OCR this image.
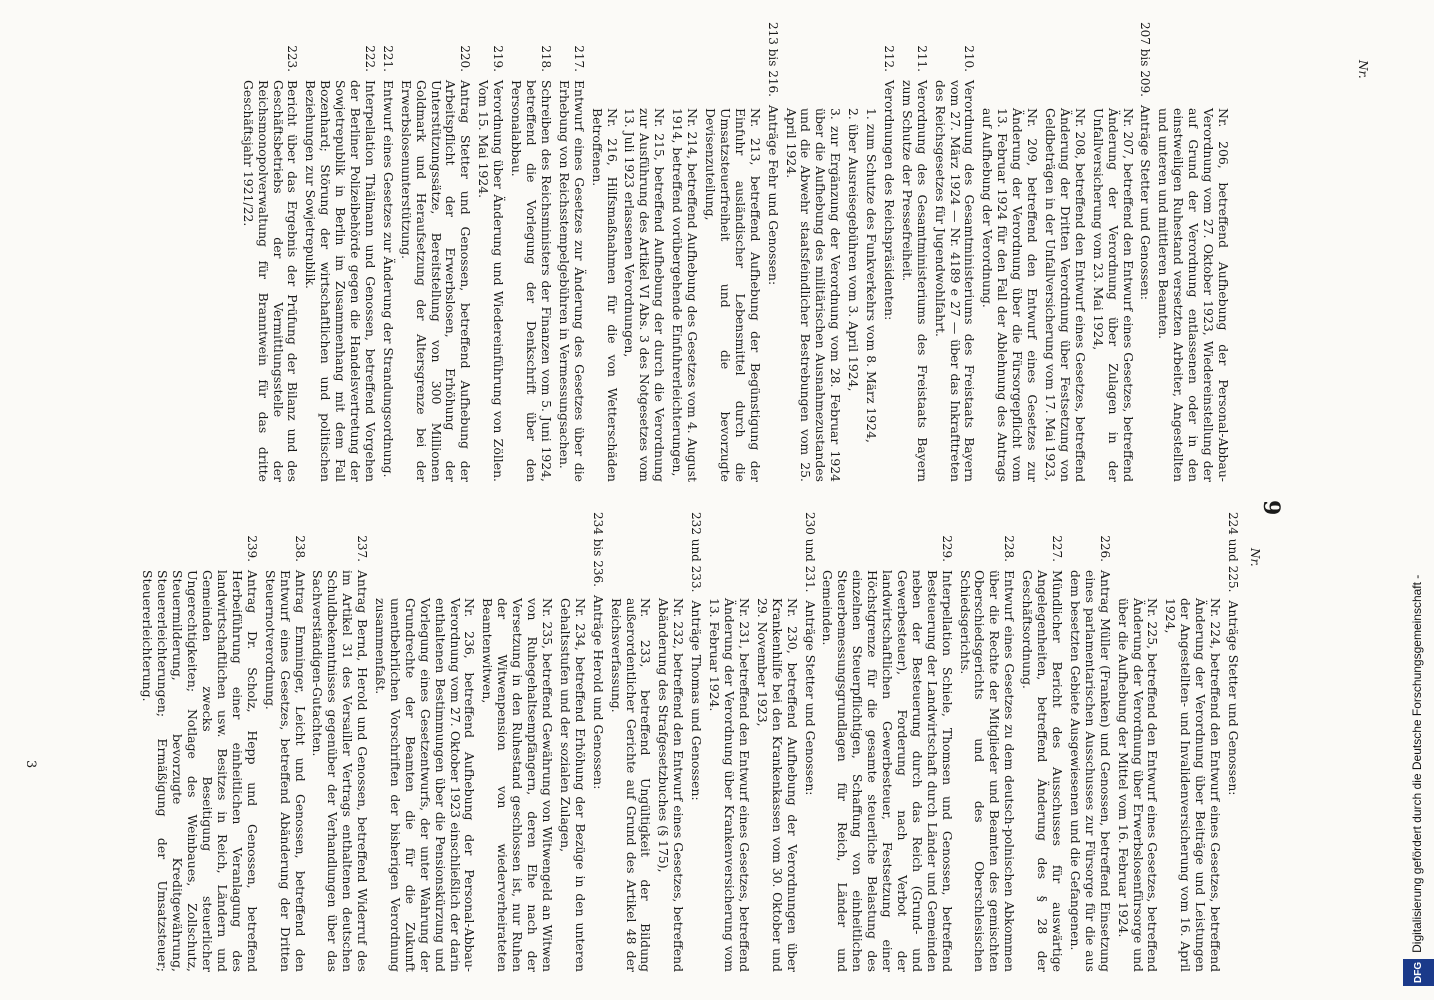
Nr.
Nr.
9
Nr. 206, betreffend Aufhebung der Personal-Abbau-Verordnung vom 27. Oktober 1923, Wiedereinstellung der auf Grund der Verordnung entlassenen oder in den einstweiligen Ruhestand versetzten Arbeiter, Angestellten und unteren und mittleren Beamten.
207 bis 209.
Anträge Stetter und Genossen:
Nr. 207, betreffend den Entwurf eines Gesetzes, betreffend Änderung der Verordnung über Zulagen in der Unfallversicherung vom 23. Mai 1924,
Nr. 208, betreffend den Entwurf eines Gesetzes, betreffend Änderung der Dritten Verordnung über Festsetzung von Geldbeträgen in der Unfallversicherung vom 17. Mai 1923,
Nr. 209, betreffend den Entwurf eines Gesetzes zur Änderung der Verordnung über die Fürsorgepflicht vom 13. Februar 1924 für den Fall der Ablehnung des Antrags auf Aufhebung der Verordnung.
210.
Verordnung des Gesamtministeriums des Freistaats Bayern vom 27. März 1924 — Nr. 4189 e 27 — über das Inkrafttreten des Reichsgesetzes für Jugendwohlfahrt.
211.
Verordnung des Gesamtministeriums des Freistaats Bayern zum Schutze der Pressefreiheit.
212.
Verordnungen des Reichspräsidenten:
1. zum Schutze des Funkverkehrs vom 8. März 1924,
2. über Ausreisegebühren vom 3. April 1924,
3. zur Ergänzung der Verordnung vom 28. Februar 1924 über die Aufhebung des militärischen Ausnahmezustandes und die Abwehr staatsfeindlicher Bestrebungen vom 25. April 1924.
213 bis 216.
Anträge Fehr und Genossen:
Nr. 213, betreffend Aufhebung der Begünstigung der Einfuhr ausländischer Lebensmittel durch die Umsatzsteuerfreiheit und die bevorzugte Devisenzuteilung,
Nr. 214, betreffend Aufhebung des Gesetzes vom 4. August 1914, betreffend vorübergehende Einfuhrerleichterungen,
Nr. 215, betreffend Aufhebung der durch die Verordnung zur Ausführung des Artikel VI Abs. 3 des Notgesetzes vom 13. Juli 1923 erlassenen Verordnungen,
Nr. 216, Hilfsmaßnahmen für die von Wetterschäden Betroffenen.
217.
Entwurf eines Gesetzes zur Änderung des Gesetzes über die Erhebung von Reichsstempelgebühren in Vermessungsachen.
218.
Schreiben des Reichsministers der Finanzen vom 5. Juni 1924, betreffend die Vorlegung der Denkschrift über den Personalabbau.
219.
Verordnung über Änderung und Wiedereinführung von Zöllen. Vom 15. Mai 1924.
220.
Antrag Stetter und Genossen, betreffend Aufhebung der Arbeitspflicht der Erwerbslosen, Erhöhung der Unterstützungssätze, Bereitstellung von 300 Millionen Goldmark und Heraufsetzung der Altersgrenze bei der Erwerbslosenunterstützung.
221.
Entwurf eines Gesetzes zur Änderung der Strandungsordnung.
222.
Interpellation Thälmann und Genossen, betreffend Vorgehen der Berliner Polizeibehörde gegen die Handelsvertretung der Sowjetrepublik in Berlin im Zusammenhang mit dem Fall Bozenhard; Störung der wirtschaftlichen und politischen Beziehungen zur Sowjetrepublik.
223.
Bericht über das Ergebnis der Prüfung der Bilanz und des Geschäftsbetriebs der Vermittlungsstelle der Reichsmonopolverwaltung für Branntwein für das dritte Geschäftsjahr 1921/22.
224 und 225.
Anträge Stetter und Genossen:
Nr. 224, betreffend den Entwurf eines Gesetzes, betreffend Änderung der Verordnung über Beiträge und Leistungen der Angestellten- und Invalidenversicherung vom 16. April 1924,
Nr. 225, betreffend den Entwurf eines Gesetzes, betreffend Änderung der Verordnung über Erwerbslosenfürsorge und über die Aufhebung der Mittel vom 16. Februar 1924.
226.
Antrag Müller (Franken) und Genossen, betreffend Einsetzung eines parlamentarischen Ausschusses zur Fürsorge für die aus dem besetzten Gebiete Ausgewiesenen und die Gefangenen.
227.
Mündlicher Bericht des Ausschusses für auswärtige Angelegenheiten, betreffend Änderung des § 28 der Geschäftsordnung.
228.
Entwurf eines Gesetzes zu dem deutsch-polnischen Abkommen über die Rechte der Mitglieder und Beamten des gemischten Oberschiedsgerichts und des Oberschlesischen Schiedsgerichts.
229.
Interpellation Schiele, Thomsen und Genossen, betreffend Besteuerung der Landwirtschaft durch Länder und Gemeinden neben der Besteuerung durch das Reich (Grund- und Gewerbesteuer), Forderung nach Verbot der landwirtschaftlichen Gewerbesteuer, Festsetzung einer Höchstgrenze für die gesamte steuerliche Belastung des einzelnen Steuerpflichtigen, Schaffung von einheitlichen Steuerbemessungsgrundlagen für Reich, Länder und Gemeinden.
230 und 231.
Anträge Stetter und Genossen:
Nr. 230, betreffend Aufhebung der Verordnungen über Krankenhilfe bei den Krankenkassen vom 30. Oktober und 29. November 1923,
Nr. 231, betreffend den Entwurf eines Gesetzes, betreffend Änderung der Verordnung über Krankenversicherung vom 13. Februar 1924.
232 und 233.
Anträge Thomas und Genossen:
Nr. 232, betreffend den Entwurf eines Gesetzes, betreffend Abänderung des Strafgesetzbuches (§ 175),
Nr. 233, betreffend Ungültigkeit der Bildung außerordentlicher Gerichte auf Grund des Artikel 48 der Reichsverfassung.
234 bis 236.
Anträge Herold und Genossen:
Nr. 234, betreffend Erhöhung der Bezüge in den unteren Gehaltsstufen und der sozialen Zulagen,
Nr. 235, betreffend Gewährung von Witwengeld an Witwen von Ruhegehaltsempfängern, deren Ehe nach der Versetzung in den Ruhestand geschlossen ist, nur Ruhen der Witwenpension von wiederverheirateten Beamtenwitwen,
Nr. 236, betreffend Aufhebung der Personal-Abbau-Verordnung vom 27. Oktober 1923 einschließlich der darin enthaltenen Bestimmungen über die Pensionskürzung und Vorlegung eines Gesetzentwurfs, der unter Wahrung der Grundrechte der Beamten die für die Zukunft unentbehrlichen Vorschriften der bisherigen Verordnung zusammenfaßt.
237.
Antrag Bernd, Herold und Genossen, betreffend Widerruf des im Artikel 31 des Versailler Vertrags enthaltenen deutschen Schuldbekenntnisses gegenüber der Verhandlungen über das Sachverständigen-Gutachten.
238.
Antrag Emminger, Leicht und Genossen, betreffend den Entwurf eines Gesetzes, betreffend Abänderung der Dritten Steuernotverordnung.
239.
Antrag Dr. Scholz, Hepp und Genossen, betreffend Herbeiführung einer einheitlichen Veranlagung des landwirtschaftlichen usw. Besitzes in Reich, Ländern und Gemeinden zwecks Beseitigung steuerlicher Ungerechtigkeiten; Notlage des Weinbaues, Zollschutz, Steuermilderung, bevorzugte Kreditgewährung, Steuererleichterungen; Ermäßigung der Umsatzsteuer; Steuererleichterung.
3
DFGDigitalisierung gefördert durch die Deutsche Forschungsgemeinschaft -
